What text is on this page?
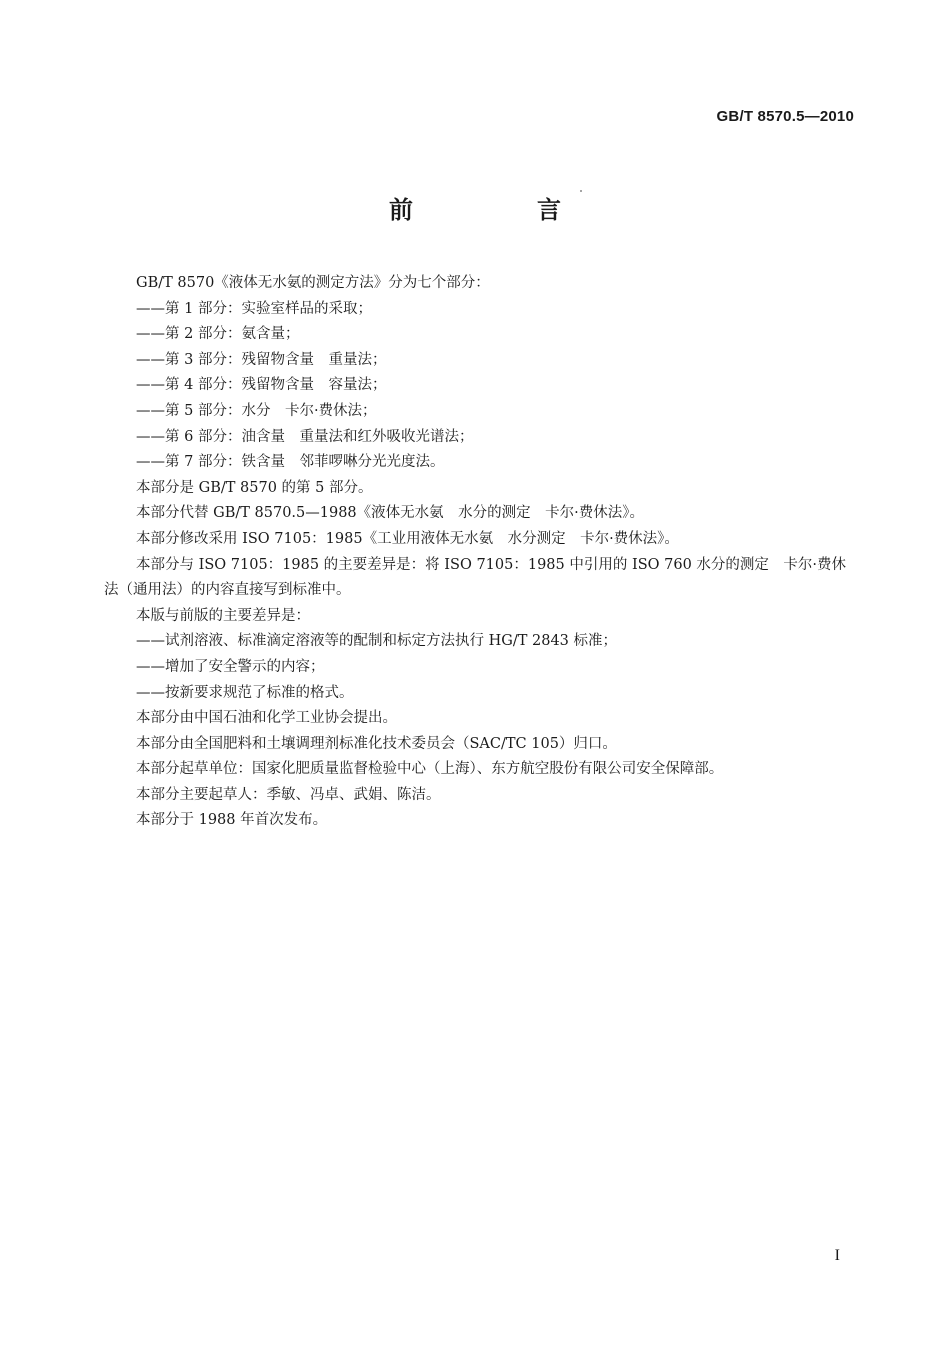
GB/T 8570.5—2010
前　言

GB/T 8570《液体无水氨的测定方法》分为七个部分：

——第 1 部分：实验室样品的采取；

——第 2 部分：氨含量；

——第 3 部分：残留物含量　重量法；

——第 4 部分：残留物含量　容量法；

——第 5 部分：水分　卡尔·费休法；

——第 6 部分：油含量　重量法和红外吸收光谱法；

——第 7 部分：铁含量　邻菲啰啉分光光度法。

本部分是 GB/T 8570 的第 5 部分。

本部分代替 GB/T 8570.5—1988《液体无水氨　水分的测定　卡尔·费休法》。

本部分修改采用 ISO 7105：1985《工业用液体无水氨　水分测定　卡尔·费休法》。

本部分与 ISO 7105：1985 的主要差异是：将 ISO 7105：1985 中引用的 ISO 760 水分的测定　卡尔·费休法（通用法）的内容直接写到标准中。

本版与前版的主要差异是：

——试剂溶液、标准滴定溶液等的配制和标定方法执行 HG/T 2843 标准；

——增加了安全警示的内容；

——按新要求规范了标准的格式。

本部分由中国石油和化学工业协会提出。

本部分由全国肥料和土壤调理剂标准化技术委员会（SAC/TC 105）归口。

本部分起草单位：国家化肥质量监督检验中心（上海）、东方航空股份有限公司安全保障部。

本部分主要起草人：季敏、冯卓、武娟、陈洁。

本部分于 1988 年首次发布。

I
